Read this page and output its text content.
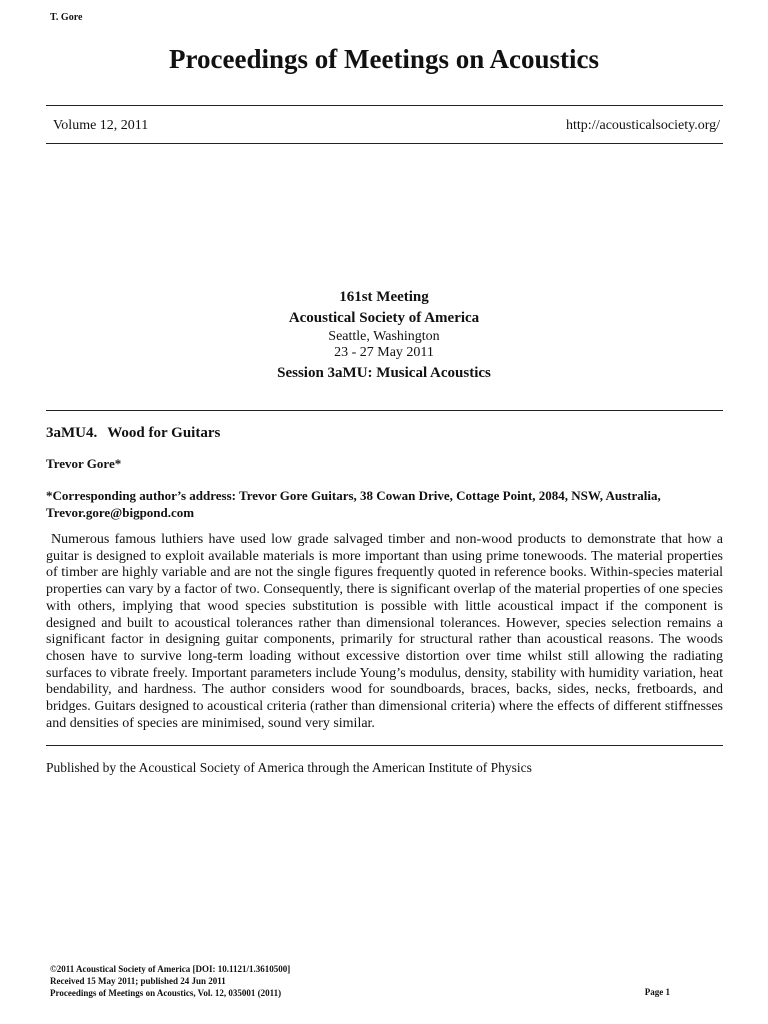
T. Gore
Proceedings of Meetings on Acoustics
Volume 12, 2011	http://acousticalsociety.org/
161st Meeting
Acoustical Society of America
Seattle, Washington
23 - 27 May 2011
Session 3aMU: Musical Acoustics
3aMU4. Wood for Guitars
Trevor Gore*
*Corresponding author’s address: Trevor Gore Guitars, 38 Cowan Drive, Cottage Point, 2084, NSW, Australia, Trevor.gore@bigpond.com
Numerous famous luthiers have used low grade salvaged timber and non-wood products to demonstrate that how a guitar is designed to exploit available materials is more important than using prime tonewoods. The material properties of timber are highly variable and are not the single figures frequently quoted in reference books. Within-species material properties can vary by a factor of two. Consequently, there is significant overlap of the material properties of one species with others, implying that wood species substitution is possible with little acoustical impact if the component is designed and built to acoustical tolerances rather than dimensional tolerances. However, species selection remains a significant factor in designing guitar components, primarily for structural rather than acoustical reasons. The woods chosen have to survive long-term loading without excessive distortion over time whilst still allowing the radiating surfaces to vibrate freely. Important parameters include Young’s modulus, density, stability with humidity variation, heat bendability, and hardness. The author considers wood for soundboards, braces, backs, sides, necks, fretboards, and bridges. Guitars designed to acoustical criteria (rather than dimensional criteria) where the effects of different stiffnesses and densities of species are minimised, sound very similar.
Published by the Acoustical Society of America through the American Institute of Physics
©2011 Acoustical Society of America [DOI: 10.1121/1.3610500]
Received 15 May 2011; published 24 Jun 2011
Proceedings of Meetings on Acoustics, Vol. 12, 035001 (2011)	Page 1
